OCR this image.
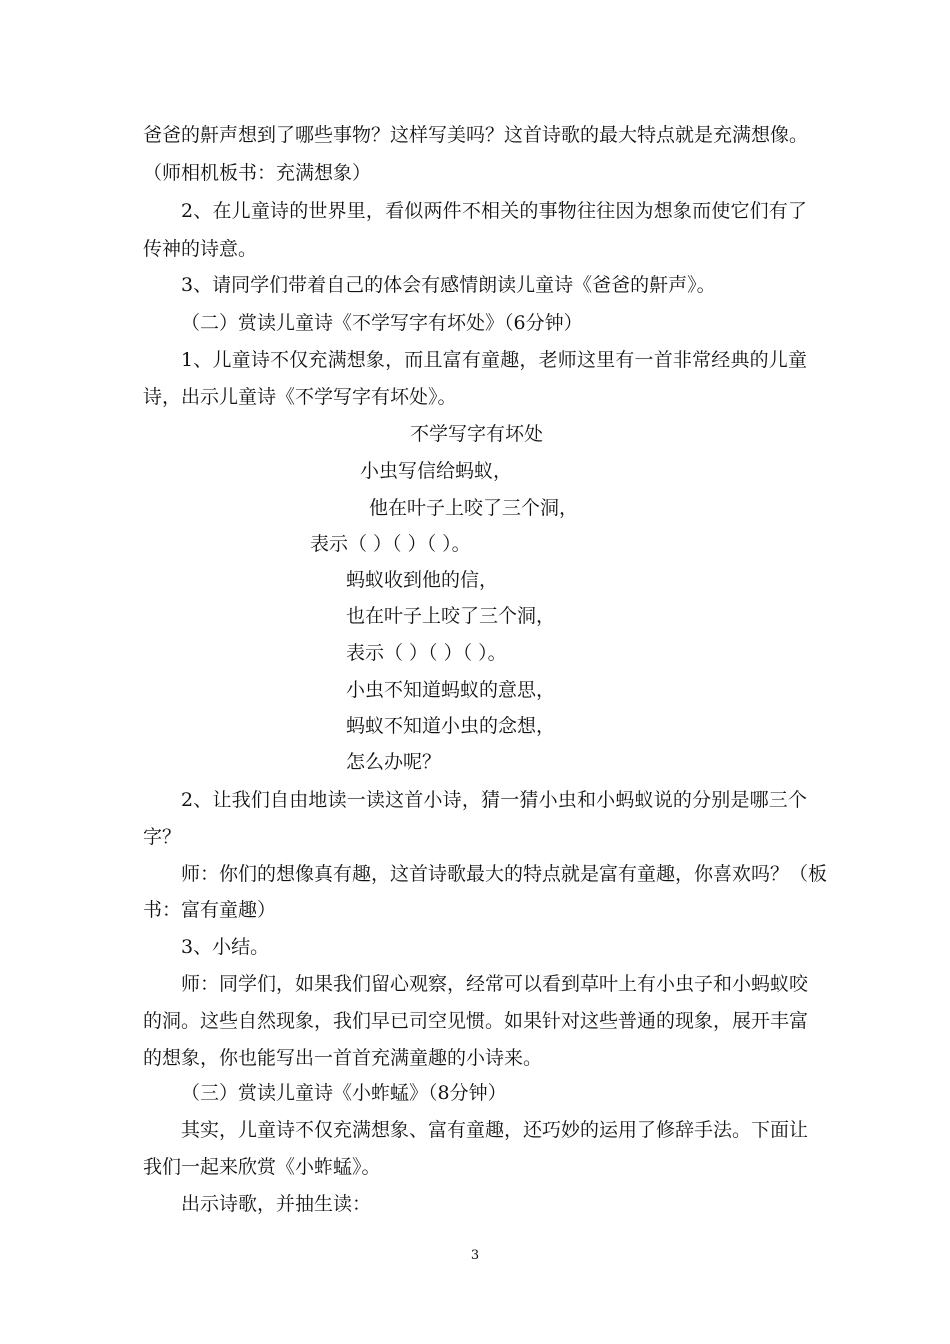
爸爸的鼾声想到了哪些事物？这样写美吗？这首诗歌的最大特点就是充满想像。
（师相机板书：充满想象）
2、在儿童诗的世界里，看似两件不相关的事物往往因为想象而使它们有了
传神的诗意。
3、请同学们带着自己的体会有感情朗读儿童诗《爸爸的鼾声》。
（二）赏读儿童诗《不学写字有坏处》（6分钟）
1、儿童诗不仅充满想象，而且富有童趣，老师这里有一首非常经典的儿童
诗，出示儿童诗《不学写字有坏处》。
不学写字有坏处
小虫写信给蚂蚁，
他在叶子上咬了三个洞，
表示（ ）（ ）（ ）。
蚂蚁收到他的信，
也在叶子上咬了三个洞，
表示（ ）（ ）（ ）。
小虫不知道蚂蚁的意思，
蚂蚁不知道小虫的念想，
怎么办呢？
2、让我们自由地读一读这首小诗，猜一猜小虫和小蚂蚁说的分别是哪三个
字？
师：你们的想像真有趣，这首诗歌最大的特点就是富有童趣，你喜欢吗？（板
书：富有童趣）
3、小结。
师：同学们，如果我们留心观察，经常可以看到草叶上有小虫子和小蚂蚁咬
的洞。这些自然现象，我们早已司空见惯。如果针对这些普通的现象，展开丰富
的想象，你也能写出一首首充满童趣的小诗来。
（三）赏读儿童诗《小蚱蜢》（8分钟）
其实，儿童诗不仅充满想象、富有童趣，还巧妙的运用了修辞手法。下面让
我们一起来欣赏《小蚱蜢》。
出示诗歌，并抽生读：
3
